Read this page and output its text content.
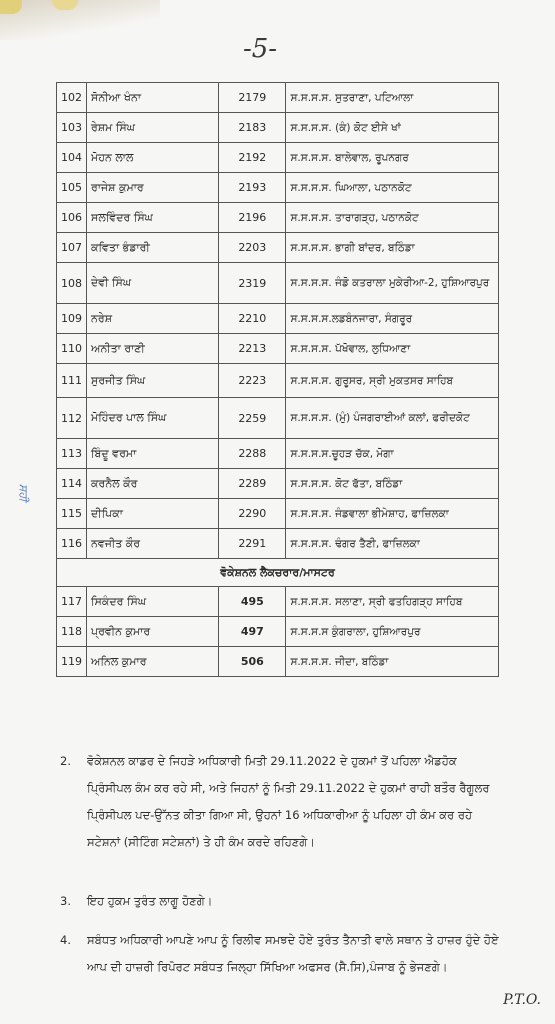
-5-
102	ਸੋਨੀਆ ਖੰਨਾ	2179	ਸ.ਸ.ਸ.ਸ. ਸੁਤਰਾਣਾ, ਪਟਿਆਲਾ
103	ਰੇਸ਼ਮ ਸਿੰਘ	2183	ਸ.ਸ.ਸ.ਸ. (ਕੰ) ਕੋਟ ਈਸੇ ਖਾਂ
104	ਮੋਹਨ ਲਾਲ	2192	ਸ.ਸ.ਸ.ਸ. ਬਾਲੇਵਾਲ, ਰੂਪਨਗਰ
105	ਰਾਜੇਸ਼ ਕੁਮਾਰ	2193	ਸ.ਸ.ਸ.ਸ. ਘਿਆਲਾ, ਪਠਾਨਕੋਟ
106	ਸਲਵਿੰਦਰ ਸਿੰਘ	2196	ਸ.ਸ.ਸ.ਸ. ਤਾਰਾਗੜ੍ਹ, ਪਠਾਨਕੋਟ
107	ਕਵਿਤਾ ਭੰਡਾਰੀ	2203	ਸ.ਸ.ਸ.ਸ. ਭਾਗੀ ਬਾਂਦਰ, ਬਠਿੰਡਾ
108	ਦੇਵੀ ਸਿੰਘ	2319	ਸ.ਸ.ਸ.ਸ. ਜੰਡੋ ਕਤਰਾਲਾ ਮੁਕੇਰੀਆ-2, ਹੁਸ਼ਿਆਰਪੁਰ
109	ਨਰੇਸ਼	2210	ਸ.ਸ.ਸ.ਸ.ਲਡਬੰਨਜਾਰਾ, ਸੰਗਰੂਰ
110	ਅਨੀਤਾ ਰਾਣੀ	2213	ਸ.ਸ.ਸ.ਸ. ਪੱਖੋਵਾਲ, ਲੁਧਿਆਣਾ
111	ਸੁਰਜੀਤ ਸਿੰਘ	2223	ਸ.ਸ.ਸ.ਸ. ਗੁਰੂਸਰ, ਸ੍ਰੀ ਮੁਕਤਸਰ ਸਾਹਿਬ
112	ਮੋਹਿੰਦਰ ਪਾਲ ਸਿੰਘ	2259	ਸ.ਸ.ਸ.ਸ. (ਮੁੰ) ਪੰਜਗਰਾਈਆਂ ਕਲਾਂ, ਫਰੀਦਕੋਟ
113	ਬਿੰਦੂ ਵਰਮਾ	2288	ਸ.ਸ.ਸ.ਸ.ਚੂਹੜ ਚੱਕ, ਮੋਗਾ
114	ਕਰਨੈਲ ਕੌਰ	2289	ਸ.ਸ.ਸ.ਸ. ਕੋਟ ਫੱਤਾ, ਬਠਿੰਡਾ
115	ਦੀਪਿਕਾ	2290	ਸ.ਸ.ਸ.ਸ. ਜੰਡਵਾਲਾ ਭੀਮੇਸ਼ਾਹ, ਫਾਜ਼ਿਲਕਾ
116	ਨਵਜੀਤ ਕੌਰ	2291	ਸ.ਸ.ਸ.ਸ. ਢੰਗਰ ਤੈਣੀ, ਫਾਜ਼ਿਲਕਾ
ਵੋਕੇਸ਼ਨਲ ਲੈਕਚਰਾਰ/ਮਾਸਟਰ			
117	ਸਿਕੰਦਰ ਸਿੰਘ	495	ਸ.ਸ.ਸ.ਸ. ਸਲਾਣਾ, ਸ੍ਰੀ ਫਤਹਿਗੜ੍ਹ ਸਾਹਿਬ
118	ਪ੍ਰਵੀਨ ਕੁਮਾਰ	497	ਸ.ਸ.ਸ.ਸ ਕੁੰਗਰਾਲਾ, ਹੁਸ਼ਿਆਰਪੁਰ
119	ਅਨਿਲ ਕੁਮਾਰ	506	ਸ.ਸ.ਸ.ਸ. ਜੀਦਾ, ਬਠਿੰਡਾ
2.	ਵੋਕੇਸ਼ਨਲ ਕਾਡਰ ਦੇ ਜਿਹੜੇ ਅਧਿਕਾਰੀ ਮਿਤੀ 29.11.2022 ਦੇ ਹੁਕਮਾਂ ਤੋਂ ਪਹਿਲਾ ਐਡਹੋਕ ਪ੍ਰਿੰਸੀਪਲ ਕੰਮ ਕਰ ਰਹੇ ਸੀ, ਅਤੇ ਜਿਹਨਾਂ ਨੂੰ ਮਿਤੀ 29.11.2022 ਦੇ ਹੁਕਮਾਂ ਰਾਹੀ ਬਤੌਰ ਰੈਗੂਲਰ ਪ੍ਰਿੰਸੀਪਲ ਪਦ-ਉੱਨਤ ਕੀਤਾ ਗਿਆ ਸੀ, ਉਹਨਾਂ 16 ਅਧਿਕਾਰੀਆ ਨੂੰ ਪਹਿਲਾ ਹੀ ਕੰਮ ਕਰ ਰਹੇ ਸਟੇਸ਼ਨਾਂ (ਸੀਟਿੰਗ ਸਟੇਸ਼ਨਾਂ) ਤੇ ਹੀ ਕੰਮ ਕਰਦੇ ਰਹਿਣਗੇ।
3.	ਇਹ ਹੁਕਮ ਤੁਰੰਤ ਲਾਗੂ ਹੋਣਗੇ।
4.	ਸਬੰਧਤ ਅਧਿਕਾਰੀ ਆਪਣੇ ਆਪ ਨੂੰ ਰਿਲੀਵ ਸਮਝਦੇ ਹੋਏ ਤੁਰੰਤ ਤੈਨਾਤੀ ਵਾਲੇ ਸਥਾਨ ਤੇ ਹਾਜ਼ਰ ਹੁੰਦੇ ਹੋਏ ਆਪ ਦੀ ਹਾਜ਼ਰੀ ਰਿਪੋਰਟ ਸਬੰਧਤ ਜਿਲ੍ਹਾ ਸਿੱਖਿਆ ਅਫਸਰ (ਸੈ.ਸਿ),ਪੰਜਾਬ ਨੂੰ ਭੇਜਣਗੇ।
ਸਹੀ
P.T.O.
